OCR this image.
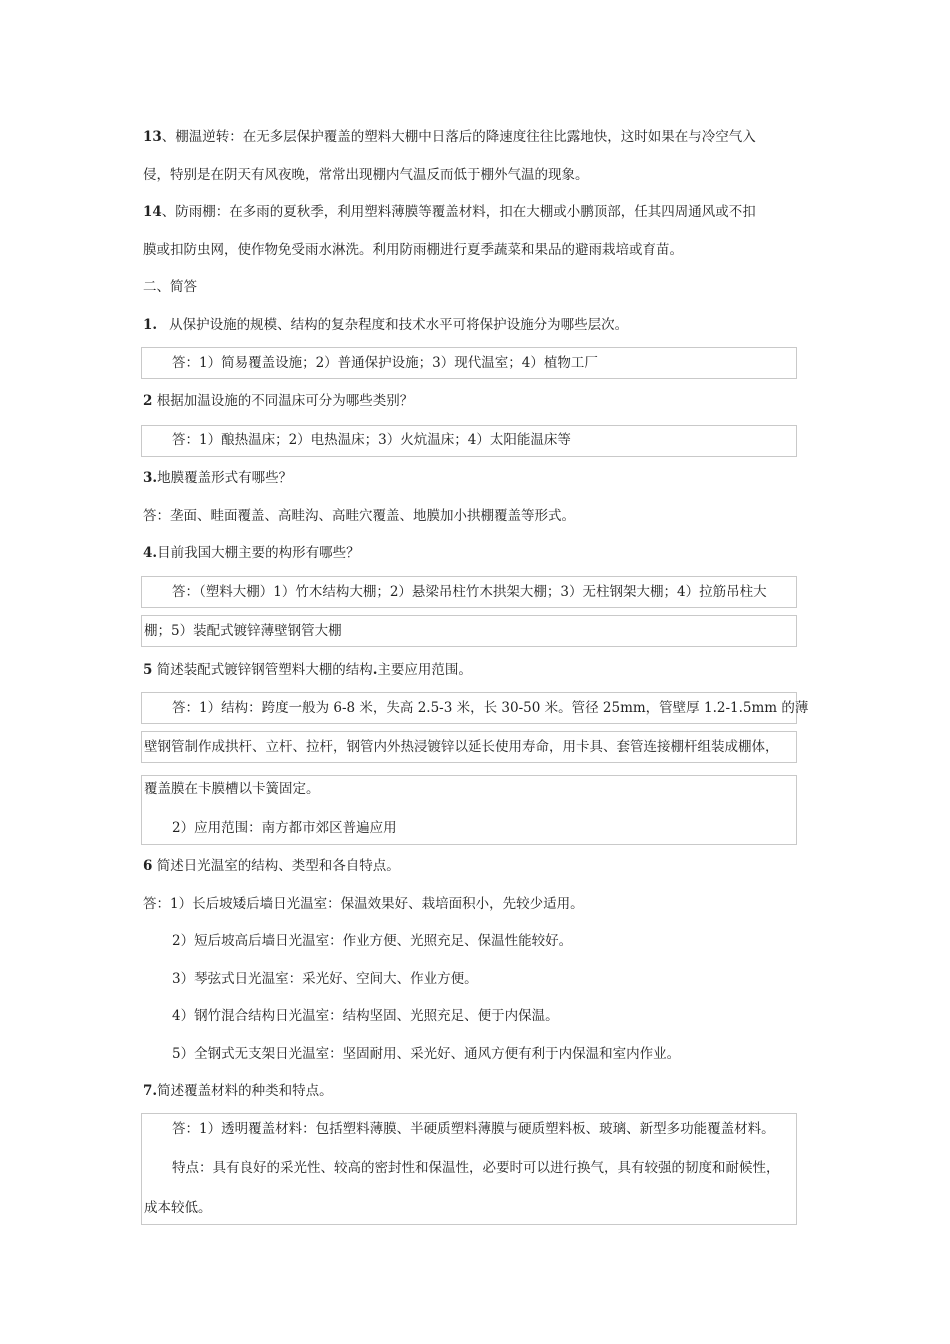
13、棚温逆转：在无多层保护覆盖的塑料大棚中日落后的降速度往往比露地快，这时如果在与冷空气入
侵，特别是在阴天有风夜晚，常常出现棚内气温反而低于棚外气温的现象。
14、防雨棚：在多雨的夏秋季，利用塑料薄膜等覆盖材料，扣在大棚或小鹏顶部，任其四周通风或不扣
膜或扣防虫网，使作物免受雨水淋洗。利用防雨棚进行夏季蔬菜和果品的避雨栽培或育苗。
二、简答
1. 从保护设施的规模、结构的复杂程度和技术水平可将保护设施分为哪些层次。
答：1）简易覆盖设施；2）普通保护设施；3）现代温室；4）植物工厂
2 根据加温设施的不同温床可分为哪些类别？
答：1）酿热温床；2）电热温床；3）火炕温床；4）太阳能温床等
3.地膜覆盖形式有哪些？
答：垄面、畦面覆盖、高畦沟、高畦穴覆盖、地膜加小拱棚覆盖等形式。
4.目前我国大棚主要的构形有哪些？
答：（塑料大棚）1）竹木结构大棚；2）悬梁吊柱竹木拱架大棚；3）无柱钢架大棚；4）拉筋吊柱大
棚；5）装配式镀锌薄壁钢管大棚
5 简述装配式镀锌钢管塑料大棚的结构.主要应用范围。
答：1）结构：跨度一般为 6-8 米，失高 2.5-3 米，长 30-50 米。管径 25mm，管壁厚 1.2-1.5mm 的薄
壁钢管制作成拱杆、立杆、拉杆，钢管内外热浸镀锌以延长使用寿命，用卡具、套管连接棚杆组装成棚体，
覆盖膜在卡膜槽以卡簧固定。
2）应用范围：南方都市郊区普遍应用
6 简述日光温室的结构、类型和各自特点。
答：1）长后坡矮后墙日光温室：保温效果好、栽培面积小，先较少适用。
2）短后坡高后墙日光温室：作业方便、光照充足、保温性能较好。
3）琴弦式日光温室：采光好、空间大、作业方便。
4）钢竹混合结构日光温室：结构坚固、光照充足、便于内保温。
5）全钢式无支架日光温室：坚固耐用、采光好、通风方便有利于内保温和室内作业。
7.简述覆盖材料的种类和特点。
答：1）透明覆盖材料：包括塑料薄膜、半硬质塑料薄膜与硬质塑料板、玻璃、新型多功能覆盖材料。
特点：具有良好的采光性、较高的密封性和保温性，必要时可以进行换气，具有较强的韧度和耐候性，
成本较低。
